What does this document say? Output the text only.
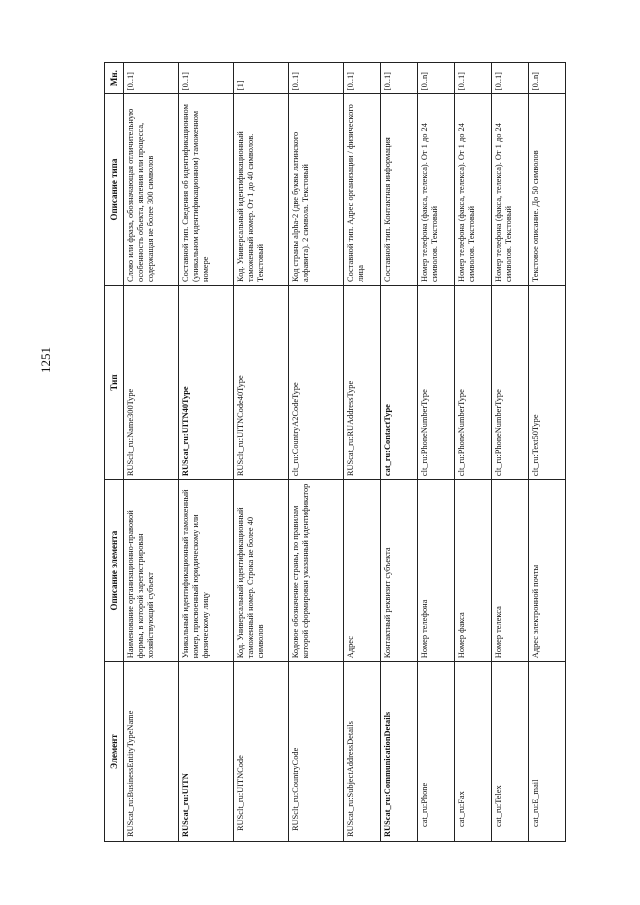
1251
Элемент	Описание элемента	Тип	Описание типа	Мн.
RUScat_ru:BusinessEntityTypeName	Наименование организационно-правовой формы, в которой зарегистрирован хозяйствующий субъект	RUSclt_ru:Name300Type	Слово или фраза, обозначающая отличительную особенность объекта, явления или процесса, содержащая не более 300 символов	[0..1]
RUScat_ru:UITN	Уникальный идентификационный таможенный номер, присвоенный юридическому или физическому лицу	RUScat_ru:UITN40Type	Составной тип. Сведения об идентификационном (уникальном идентификационном) таможенном номере	[0..1]
RUSclt_ru:UITNCode	Код. Универсальный идентификационный таможенный номер. Строка не более 40 символов	RUSclt_ru:UITNCode40Type	Код. Универсальный идентификационный таможенный номер. От 1 до 40 символов. Текстовый	[1]
RUSclt_ru:CountryCode	Кодовое обозначение страны, по правилам которой сформирован указанный идентификатор	clt_ru:CountryA2CodeType	Код страны alpha-2 (две буквы латинского алфавита). 2 символа. Текстовый	[0..1]
RUScat_ru:SubjectAddressDetails	Адрес	RUScat_ru:RUAddressType	Составной тип. Адрес организации / физического лица	[0..1]
RUScat_ru:CommunicationDetails	Контактный реквизит субъекта	cat_ru:ContactType	Составной тип. Контактная информация	[0..1]
cat_ru:Phone	Номер телефона	clt_ru:PhoneNumberType	Номер телефона (факса, телекса). От 1 до 24 символов. Текстовый	[0..n]
cat_ru:Fax	Номер факса	clt_ru:PhoneNumberType	Номер телефона (факса, телекса). От 1 до 24 символов. Текстовый	[0..1]
cat_ru:Telex	Номер телекса	clt_ru:PhoneNumberType	Номер телефона (факса, телекса). От 1 до 24 символов. Текстовый	[0..1]
cat_ru:E_mail	Адрес электронной почты	clt_ru:Text50Type	Текстовое описание. До 50 символов	[0..n]
